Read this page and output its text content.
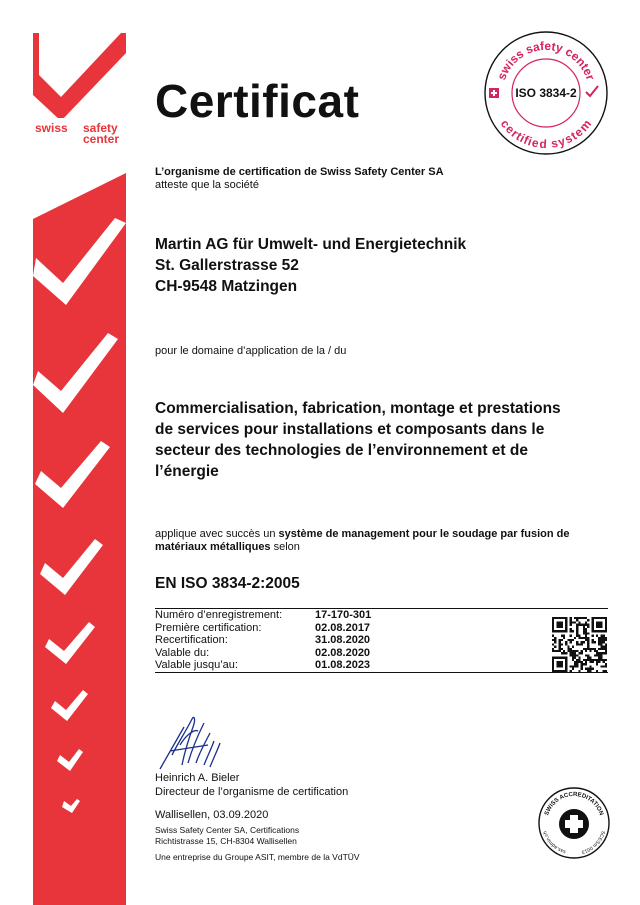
swiss safety
center
Certificat	swiss safety center
certified system
ISO 3834-2
L’organisme de certification de Swiss Safety Center SA
atteste que la société
Martin AG für Umwelt- und Energietechnik
St. Gallerstrasse 52
CH-9548 Matzingen
pour le domaine d’application de la / du
Commercialisation, fabrication, montage et prestations
de services pour installations et composants dans le
secteur des technologies de l’environnement et de
l’énergie
applique avec succès un système de management pour le soudage par fusion de
matériaux métalliques selon
EN ISO 3834-2:2005
Numéro d’enregistrement:	17-170-301
Première certification:	02.08.2017
Recertification:	31.08.2020
Valable du:	02.08.2020
Valable jusqu’au:	01.08.2023
Heinrich A. Bieler
Directeur de l’organisme de certification
Wallisellen, 03.09.2020
Swiss Safety Center SA, Certifications
Richtistrasse 15, CH-8304 Wallisellen
Une entreprise du Groupe ASIT, membre de la VdTÜV
SWISS ACCREDITATION
sas.admin.ch	SCESm 0013
